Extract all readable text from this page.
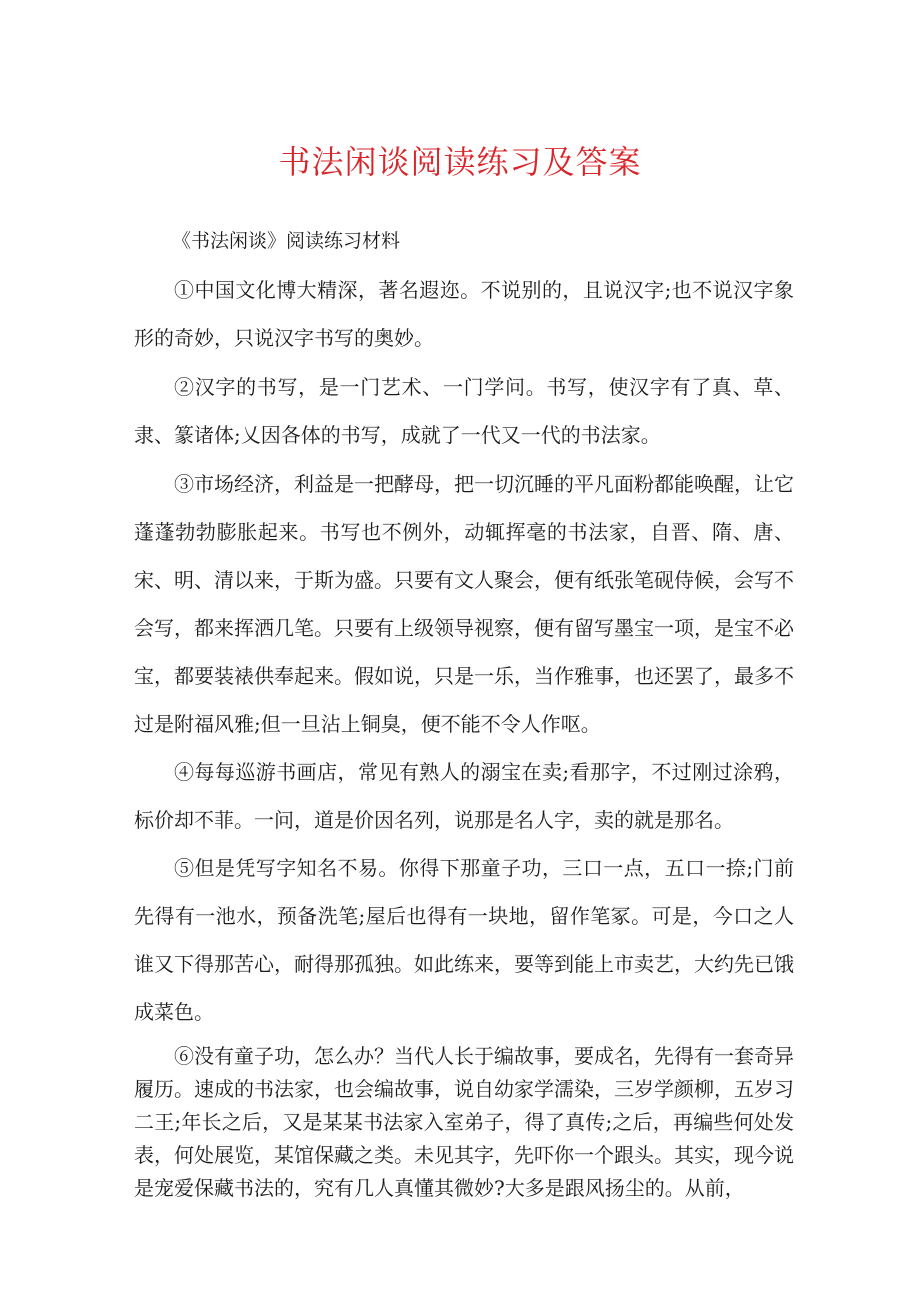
书法闲谈阅读练习及答案
《书法闲谈》阅读练习材料

①中国文化博大精深，著名遐迩。不说别的，且说汉字;也不说汉字象形的奇妙，只说汉字书写的奥妙。

②汉字的书写，是一门艺术、一门学问。书写，使汉字有了真、草、隶、篆诸体;乂因各体的书写，成就了一代又一代的书法家。

③市场经济，利益是一把酵母，把一切沉睡的平凡面粉都能唤醒，让它蓬蓬勃勃膨胀起来。书写也不例外，动辄挥毫的书法家，自晋、隋、唐、宋、明、清以来，于斯为盛。只要有文人聚会，便有纸张笔砚侍候，会写不会写，都来挥洒几笔。只要有上级领导视察，便有留写墨宝一项，是宝不必宝，都要装裱供奉起来。假如说，只是一乐，当作雅事，也还罢了，最多不过是附福风雅;但一旦沾上铜臭，便不能不令人作呕。

④每每巡游书画店，常见有熟人的溺宝在卖;看那字，不过刚过涂鸦，标价却不菲。一问，道是价因名列，说那是名人字，卖的就是那名。

⑤但是凭写字知名不易。你得下那童子功，三口一点，五口一捺;门前先得有一池水，预备洗笔;屋后也得有一块地，留作笔冢。可是，今口之人谁又下得那苦心，耐得那孤独。如此练来，要等到能上市卖艺，大约先已饿成菜色。

⑥没有童子功，怎么办？当代人长于编故事，要成名，先得有一套奇异履历。速成的书法家，也会编故事，说自幼家学濡染，三岁学颜柳，五岁习二王;年长之后，又是某某书法家入室弟子，得了真传;之后，再编些何处发表，何处展览，某馆保藏之类。未见其字，先吓你一个跟头。其实，现今说是宠爱保藏书法的，究有几人真懂其微妙?大多是跟风扬尘的。从前，
